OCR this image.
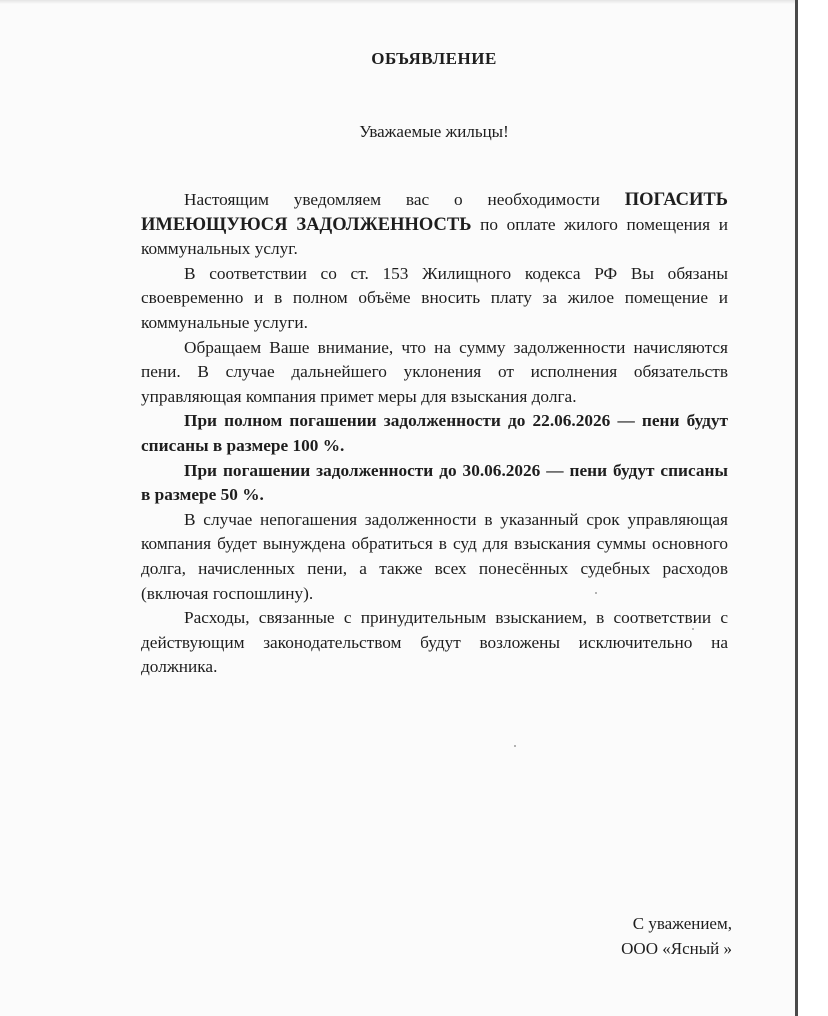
ОБЪЯВЛЕНИЕ
Уважаемые жильцы!

Настоящим уведомляем вас о необходимости ПОГАСИТЬ ИМЕЮЩУЮСЯ ЗАДОЛЖЕННОСТЬ по оплате жилого помещения и коммунальных услуг.

В соответствии со ст. 153 Жилищного кодекса РФ Вы обязаны своевременно и в полном объёме вносить плату за жилое помещение и коммунальные услуги.

Обращаем Ваше внимание, что на сумму задолженности начисляются пени. В случае дальнейшего уклонения от исполнения обязательств управляющая компания примет меры для взыскания долга.

При полном погашении задолженности до 22.06.2026 — пени будут списаны в размере 100 %.

При погашении задолженности до 30.06.2026 — пени будут списаны в размере 50 %.

В случае непогашения задолженности в указанный срок управляющая компания будет вынуждена обратиться в суд для взыскания суммы основного долга, начисленных пени, а также всех понесённых судебных расходов (включая госпошлину).

Расходы, связанные с принудительным взысканием, в соответствии с действующим законодательством будут возложены исключительно на должника.

С уважением,
ООО «Ясный »
